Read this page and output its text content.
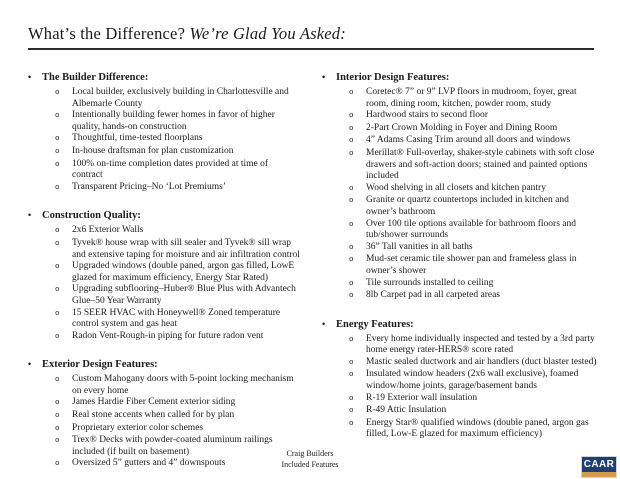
What’s the Difference? We’re Glad You Asked:
•	The Builder Difference:
o	Local builder, exclusively building in Charlottesville and Albemarle County
o	Intentionally building fewer homes in favor of higher quality, hands-on construction
o	Thoughtful, time-tested floorplans
o	In-house draftsman for plan customization
o	100% on-time completion dates provided at time of contract
o	Transparent Pricing–No ‘Lot Premiums’
•	Construction Quality:
o	2x6 Exterior Walls
o	Tyvek® house wrap with sill sealer and Tyvek® sill wrap and extensive taping for moisture and air infiltration control
o	Upgraded windows (double paned, argon gas filled, LowE glazed for maximum efficiency, Energy Star Rated)
o	Upgrading subflooring–Huber® Blue Plus with Advantech Glue–50 Year Warranty
o	15 SEER HVAC with Honeywell® Zoned temperature control system and gas heat
o	Radon Vent-Rough-in piping for future radon vent
•	Exterior Design Features:
o	Custom Mahogany doors with 5-point locking mechanism on every home
o	James Hardie Fiber Cement exterior siding
o	Real stone accents when called for by plan
o	Proprietary exterior color schemes
o	Trex® Decks with powder-coated aluminum railings included (if built on basement)
o	Oversized 5” gutters and 4” downspouts
•	Interior Design Features:
o	Coretec® 7” or 9” LVP floors in mudroom, foyer, great room, dining room, kitchen, powder room, study
o	Hardwood stairs to second floor
o	2-Part Crown Molding in Foyer and Dining Room
o	4” Adams Casing Trim around all doors and windows
o	Merillat® Full-overlay, shaker-style cabinets with soft close drawers and soft-action doors; stained and painted options included
o	Wood shelving in all closets and kitchen pantry
o	Granite or quartz countertops included in kitchen and owner’s bathroom
o	Over 100 tile options available for bathroom floors and tub/shower surrounds
o	36” Tall vanities in all baths
o	Mud-set ceramic tile shower pan and frameless glass in owner’s shower
o	Tile surrounds installed to ceiling
o	8lb Carpet pad in all carpeted areas
•	Energy Features:
o	Every home individually inspected and tested by a 3rd party home energy rater-HERS® score rated
o	Mastic sealed ductwork and air handlers (duct blaster tested)
o	Insulated window headers (2x6 wall exclusive), foamed window/home joints, garage/basement bands
o	R-19 Exterior wall insulation
o	R-49 Attic Insulation
o	Energy Star® qualified windows (double paned, argon gas filled, Low-E glazed for maximum efficiency)
Craig Builders
Included Features	CAAR
